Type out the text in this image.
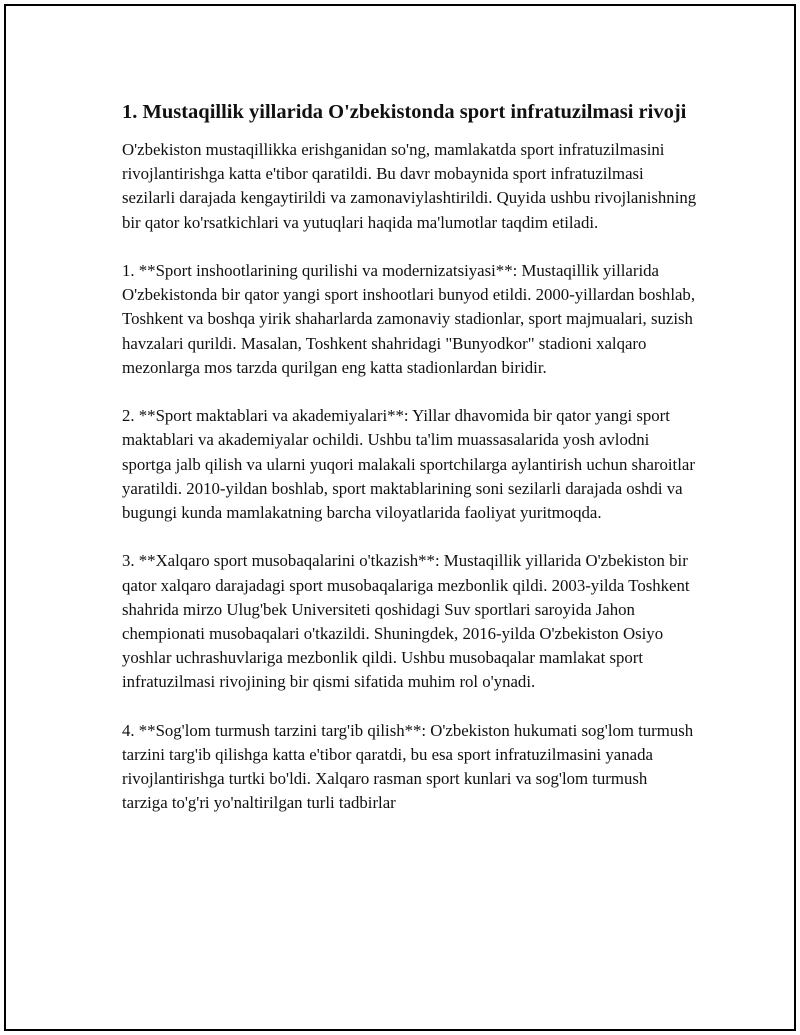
1. Mustaqillik yillarida O'zbekistonda sport infratuzilmasi rivoji

O'zbekiston mustaqillikka erishganidan so'ng, mamlakatda sport infratuzilmasini rivojlantirishga katta e'tibor qaratildi. Bu davr mobaynida sport infratuzilmasi sezilarli darajada kengaytirildi va zamonaviylashtirildi. Quyida ushbu rivojlanishning bir qator ko'rsatkichlari va yutuqlari haqida ma'lumotlar taqdim etiladi.

1. **Sport inshootlarining qurilishi va modernizatsiyasi**: Mustaqillik yillarida O'zbekistonda bir qator yangi sport inshootlari bunyod etildi. 2000-yillardan boshlab, Toshkent va boshqa yirik shaharlarda zamonaviy stadionlar, sport majmualari, suzish havzalari qurildi. Masalan, Toshkent shahridagi "Bunyodkor" stadioni xalqaro mezonlarga mos tarzda qurilgan eng katta stadionlardan biridir.

2. **Sport maktablari va akademiyalari**: Yillar dhavomida bir qator yangi sport maktablari va akademiyalar ochildi. Ushbu ta'lim muassasalarida yosh avlodni sportga jalb qilish va ularni yuqori malakali sportchilarga aylantirish uchun sharoitlar yaratildi. 2010-yildan boshlab, sport maktablarining soni sezilarli darajada oshdi va bugungi kunda mamlakatning barcha viloyatlarida faoliyat yuritmoqda.

3. **Xalqaro sport musobaqalarini o'tkazish**: Mustaqillik yillarida O'zbekiston bir qator xalqaro darajadagi sport musobaqalariga mezbonlik qildi. 2003-yilda Toshkent shahrida mirzo Ulug'bek Universiteti qoshidagi Suv sportlari saroyida Jahon chempionati musobaqalari o'tkazildi. Shuningdek, 2016-yilda O'zbekiston Osiyo yoshlar uchrashuvlariga mezbonlik qildi. Ushbu musobaqalar mamlakat sport infratuzilmasi rivojining bir qismi sifatida muhim rol o'ynadi.

4. **Sog'lom turmush tarzini targ'ib qilish**: O'zbekiston hukumati sog'lom turmush tarzini targ'ib qilishga katta e'tibor qaratdi, bu esa sport infratuzilmasini yanada rivojlantirishga turtki bo'ldi. Xalqaro rasman sport kunlari va sog'lom turmush tarziga to'g'ri yo'naltirilgan turli tadbirlar
